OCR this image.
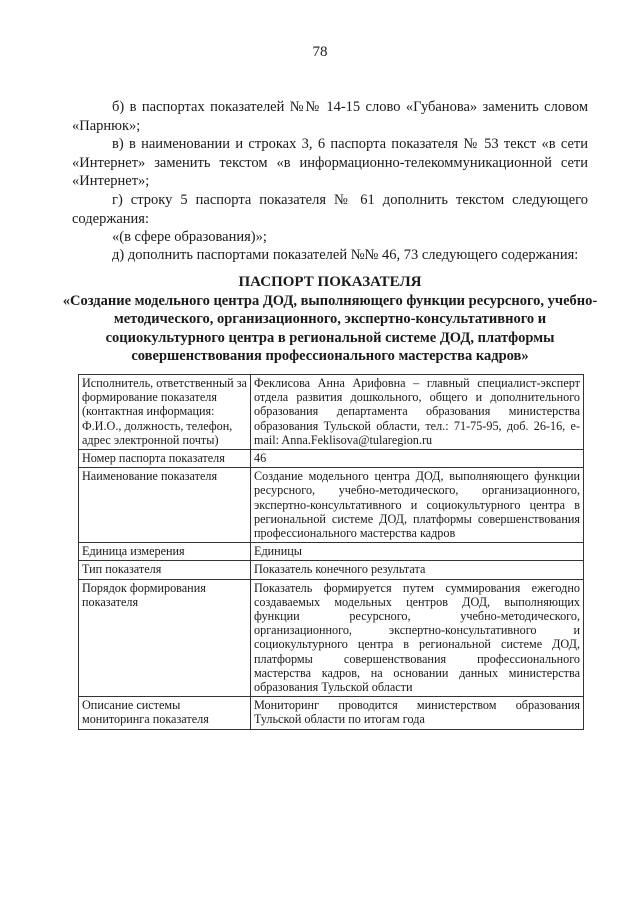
78
б) в паспортах показателей №№ 14-15 слово «Губанова» заменить словом «Парнюк»;
в) в наименовании и строках 3, 6 паспорта показателя № 53 текст «в сети «Интернет» заменить текстом «в информационно-телекоммуникационной сети «Интернет»;
г) строку 5 паспорта показателя № 61 дополнить текстом следующего содержания:
«(в сфере образования)»;
д) дополнить паспортами показателей №№ 46, 73 следующего содержания:
ПАСПОРТ ПОКАЗАТЕЛЯ
«Создание модельного центра ДОД, выполняющего функции ресурсного, учебно-методического, организационного, экспертно-консультативного и социокультурного центра в региональной системе ДОД, платформы совершенствования профессионального мастерства кадров»
Исполнитель, ответственный за формирование показателя (контактная информация: Ф.И.О., должность, телефон, адрес электронной почты)	Феклисова Анна Арифовна – главный специалист-эксперт отдела развития дошкольного, общего и дополнительного образования департамента образования министерства образования Тульской области, тел.: 71-75-95, доб. 26-16, e-mail: Anna.Feklisova@tularegion.ru
Номер паспорта показателя	46
Наименование показателя	Создание модельного центра ДОД, выполняющего функции ресурсного, учебно-методического, организационного, экспертно-консультативного и социокультурного центра в региональной системе ДОД, платформы совершенствования профессионального мастерства кадров
Единица измерения	Единицы
Тип показателя	Показатель конечного результата
Порядок формирования показателя	Показатель формируется путем суммирования ежегодно создаваемых модельных центров ДОД, выполняющих функции ресурсного, учебно-методического, организационного, экспертно-консультативного и социокультурного центра в региональной системе ДОД, платформы совершенствования профессионального мастерства кадров, на основании данных министерства образования Тульской области
Описание системы мониторинга показателя	Мониторинг проводится министерством образования Тульской области по итогам года
